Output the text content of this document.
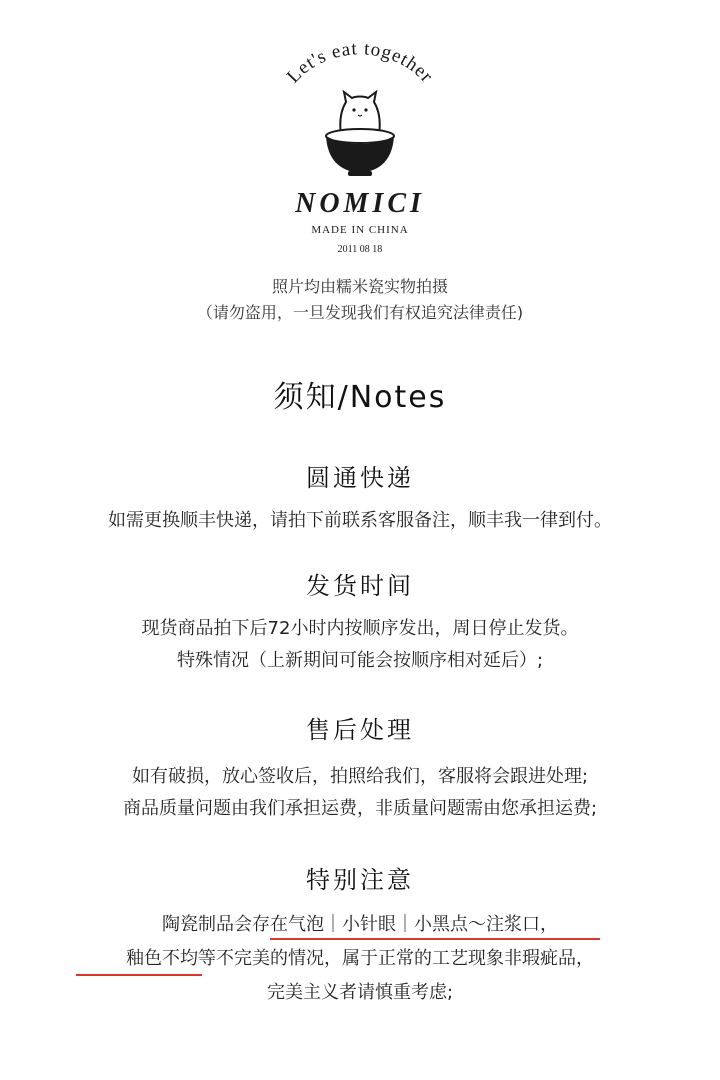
Let's eat together
NOMICI
MADE IN CHINA
2011 08 18
照片均由糯米瓷实物拍摄
（请勿盗用，一旦发现我们有权追究法律责任)
须知/Notes
圆通快递
如需更换顺丰快递，请拍下前联系客服备注，顺丰我一律到付。
发货时间
现货商品拍下后72小时内按顺序发出，周日停止发货。
特殊情况（上新期间可能会按顺序相对延后）;
售后处理
如有破损，放心签收后，拍照给我们，客服将会跟进处理;
商品质量问题由我们承担运费，非质量问题需由您承担运费;
特别注意
陶瓷制品会存在气泡｜小针眼｜小黑点～注浆口，
釉色不均等不完美的情况，属于正常的工艺现象非瑕疵品，
完美主义者请慎重考虑;
